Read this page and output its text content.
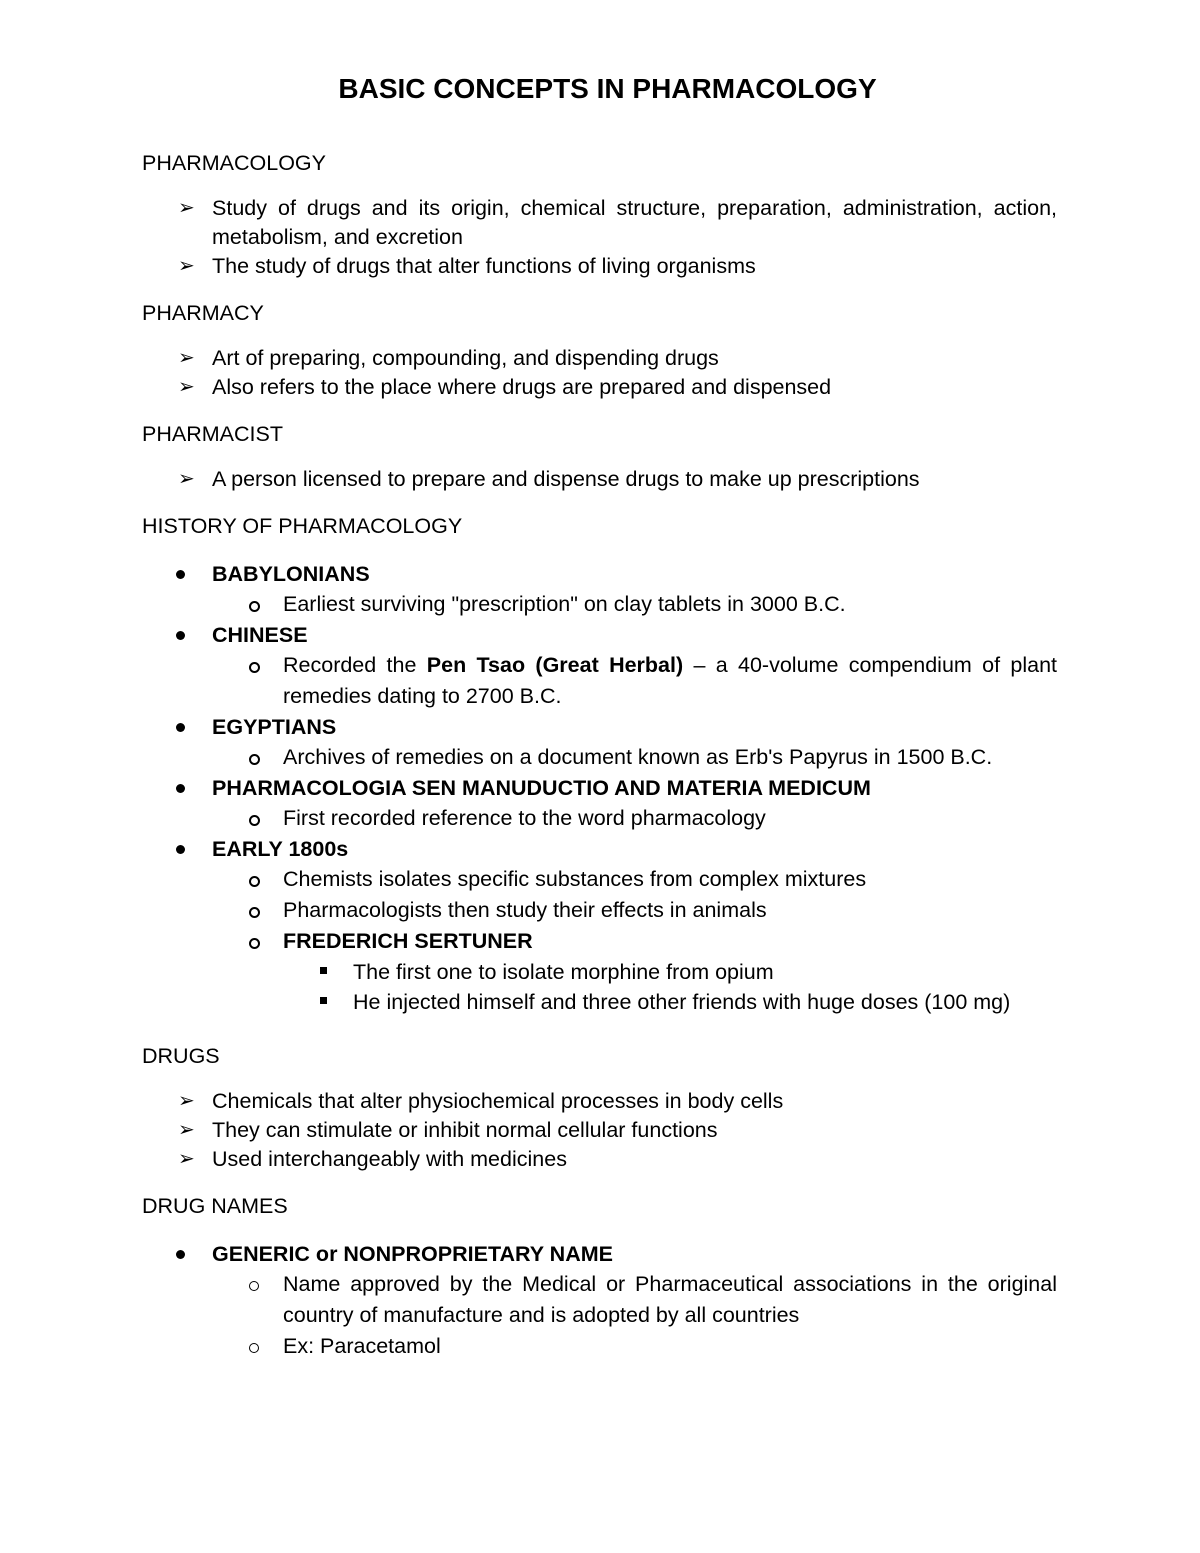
BASIC CONCEPTS IN PHARMACOLOGY
PHARMACOLOGY
➢ Study of drugs and its origin, chemical structure, preparation, administration, action, metabolism, and excretion
➢ The study of drugs that alter functions of living organisms
PHARMACY
➢ Art of preparing, compounding, and dispending drugs
➢ Also refers to the place where drugs are prepared and dispensed
PHARMACIST
➢ A person licensed to prepare and dispense drugs to make up prescriptions
HISTORY OF PHARMACOLOGY
BABYLONIANS
Earliest surviving "prescription" on clay tablets in 3000 B.C.
CHINESE
Recorded the Pen Tsao (Great Herbal) – a 40-volume compendium of plant remedies dating to 2700 B.C.
EGYPTIANS
Archives of remedies on a document known as Erb's Papyrus in 1500 B.C.
PHARMACOLOGIA SEN MANUDUCTIO AND MATERIA MEDICUM
First recorded reference to the word pharmacology
EARLY 1800s
Chemists isolates specific substances from complex mixtures
Pharmacologists then study their effects in animals
FREDERICH SERTUNER
The first one to isolate morphine from opium
He injected himself and three other friends with huge doses (100 mg)
DRUGS
➢ Chemicals that alter physiochemical processes in body cells
➢ They can stimulate or inhibit normal cellular functions
➢ Used interchangeably with medicines
DRUG NAMES
GENERIC or NONPROPRIETARY NAME
Name approved by the Medical or Pharmaceutical associations in the original country of manufacture and is adopted by all countries
Ex: Paracetamol
